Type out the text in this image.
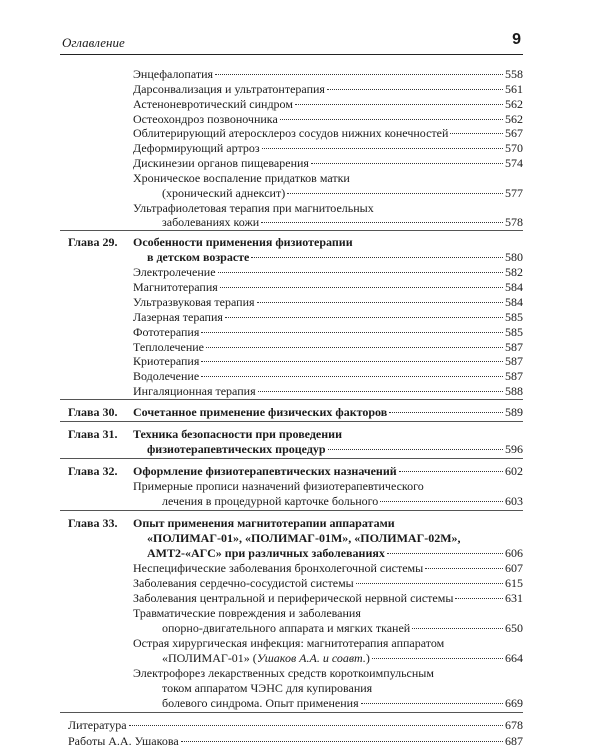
Оглавление	9
Энцефалопатия	558
Дарсонвализация и ультратонтерапия	561
Астеноневротический синдром	562
Остеохондроз позвоночника	562
Облитерирующий атеросклероз сосудов нижних конечностей	567
Деформирующий артроз	570
Дискинезии органов пищеварения	574
Хроническое воспаление придатков матки
(хронический аднексит)	577
Ультрафиолетовая терапия при магнитоельных
заболеваниях кожи	578
Глава 29. Особенности применения физиотерапии
в детском возрасте	580
Электролечение	582
Магнитотерапия	584
Ультразвуковая терапия	584
Лазерная терапия	585
Фототерапия	585
Теплолечение	587
Криотерапия	587
Водолечение	587
Ингаляционная терапия	588
Глава 30. Сочетанное применение физических факторов	589
Глава 31. Техника безопасности при проведении
физиотерапевтических процедур	596
Глава 32. Оформление физиотерапевтических назначений	602
Примерные прописи назначений физиотерапевтического
лечения в процедурной карточке больного	603
Глава 33. Опыт применения магнитотерапии аппаратами
«ПОЛИМАГ-01», «ПОЛИМАГ-01М», «ПОЛИМАГ-02М»,
АМТ2-«АГС» при различных заболеваниях	606
Неспецифические заболевания бронхолегочной системы	607
Заболевания сердечно-сосудистой системы	615
Заболевания центральной и периферической нервной системы	631
Травматические повреждения и заболевания
опорно-двигательного аппарата и мягких тканей	650
Острая хирургическая инфекция: магнитотерапия аппаратом
«ПОЛИМАГ-01» (Ушаков А.А. и соавт.)	664
Электрофорез лекарственных средств короткоимпульсным
током аппаратом ЧЭНС для купирования
болевого синдрома. Опыт применения	669
Литература	678
Работы А.А. Ушакова	687
